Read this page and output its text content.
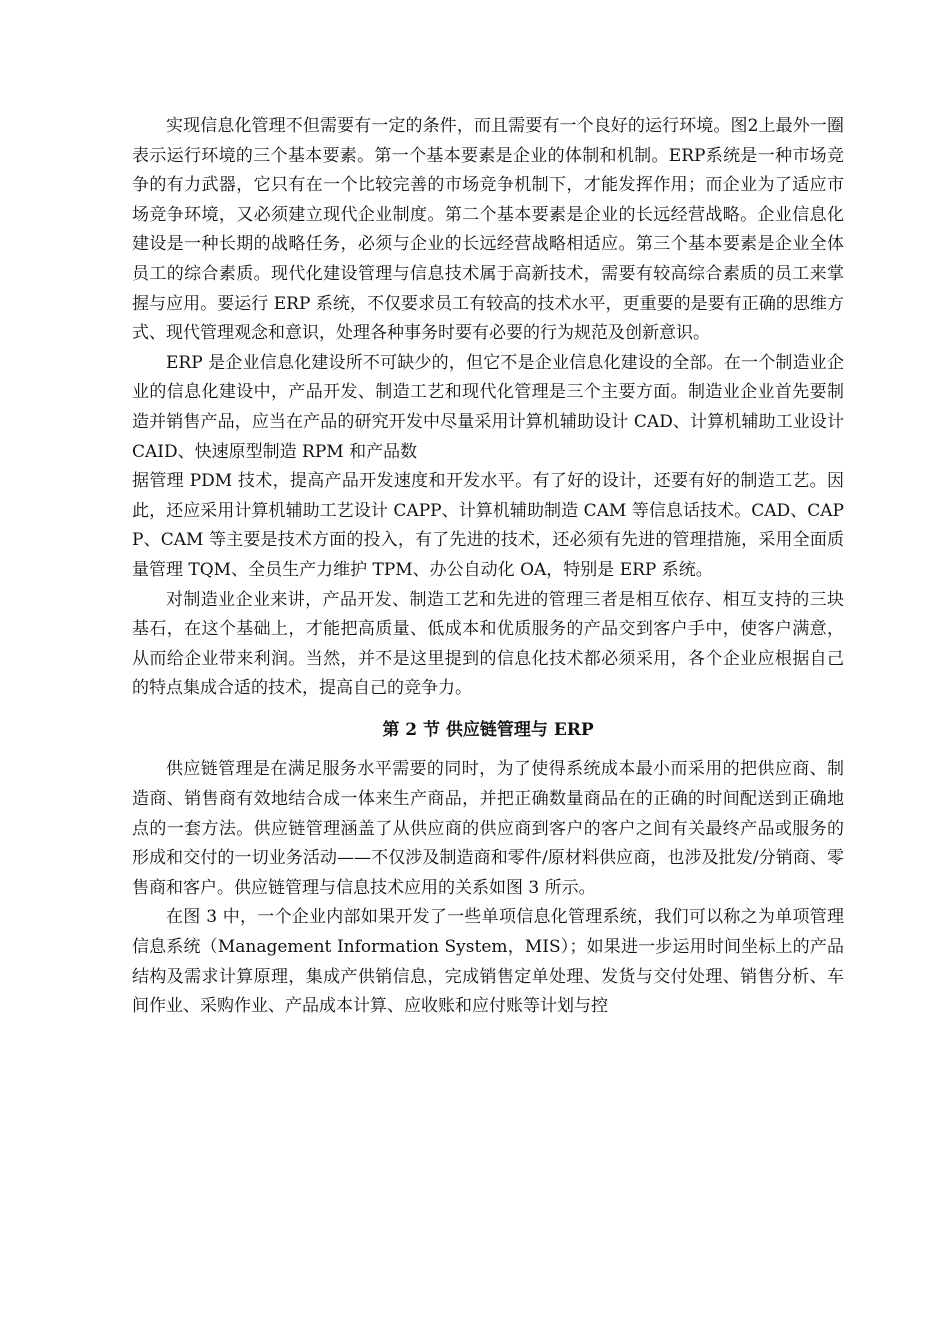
实现信息化管理不但需要有一定的条件，而且需要有一个良好的运行环境。图2上最外一圈表示运行环境的三个基本要素。第一个基本要素是企业的体制和机制。ERP系统是一种市场竞争的有力武器，它只有在一个比较完善的市场竞争机制下，才能发挥作用；而企业为了适应市场竞争环境，又必须建立现代企业制度。第二个基本要素是企业的长远经营战略。企业信息化建设是一种长期的战略任务，必须与企业的长远经营战略相适应。第三个基本要素是企业全体员工的综合素质。现代化建设管理与信息技术属于高新技术，需要有较高综合素质的员工来掌握与应用。要运行 ERP 系统，不仅要求员工有较高的技术水平，更重要的是要有正确的思维方式、现代管理观念和意识，处理各种事务时要有必要的行为规范及创新意识。

ERP 是企业信息化建设所不可缺少的，但它不是企业信息化建设的全部。在一个制造业企业的信息化建设中，产品开发、制造工艺和现代化管理是三个主要方面。制造业企业首先要制造并销售产品，应当在产品的研究开发中尽量采用计算机辅助设计 CAD、计算机辅助工业设计 CAID、快速原型制造 RPM 和产品数

据管理 PDM 技术，提高产品开发速度和开发水平。有了好的设计，还要有好的制造工艺。因此，还应采用计算机辅助工艺设计 CAPP、计算机辅助制造 CAM 等信息话技术。CAD、CAPP、CAM 等主要是技术方面的投入，有了先进的技术，还必须有先进的管理措施，采用全面质量管理 TQM、全员生产力维护 TPM、办公自动化 OA，特别是 ERP 系统。

对制造业企业来讲，产品开发、制造工艺和先进的管理三者是相互依存、相互支持的三块基石，在这个基础上，才能把高质量、低成本和优质服务的产品交到客户手中，使客户满意，从而给企业带来利润。当然，并不是这里提到的信息化技术都必须采用，各个企业应根据自己的特点集成合适的技术，提高自己的竞争力。

第 2 节 供应链管理与 ERP

供应链管理是在满足服务水平需要的同时，为了使得系统成本最小而采用的把供应商、制造商、销售商有效地结合成一体来生产商品，并把正确数量商品在的正确的时间配送到正确地点的一套方法。供应链管理涵盖了从供应商的供应商到客户的客户之间有关最终产品或服务的形成和交付的一切业务活动——不仅涉及制造商和零件/原材料供应商，也涉及批发/分销商、零售商和客户。供应链管理与信息技术应用的关系如图 3 所示。

在图 3 中，一个企业内部如果开发了一些单项信息化管理系统，我们可以称之为单项管理信息系统（Management Information System，MIS）；如果进一步运用时间坐标上的产品结构及需求计算原理，集成产供销信息，完成销售定单处理、发货与交付处理、销售分析、车间作业、采购作业、产品成本计算、应收账和应付账等计划与控
